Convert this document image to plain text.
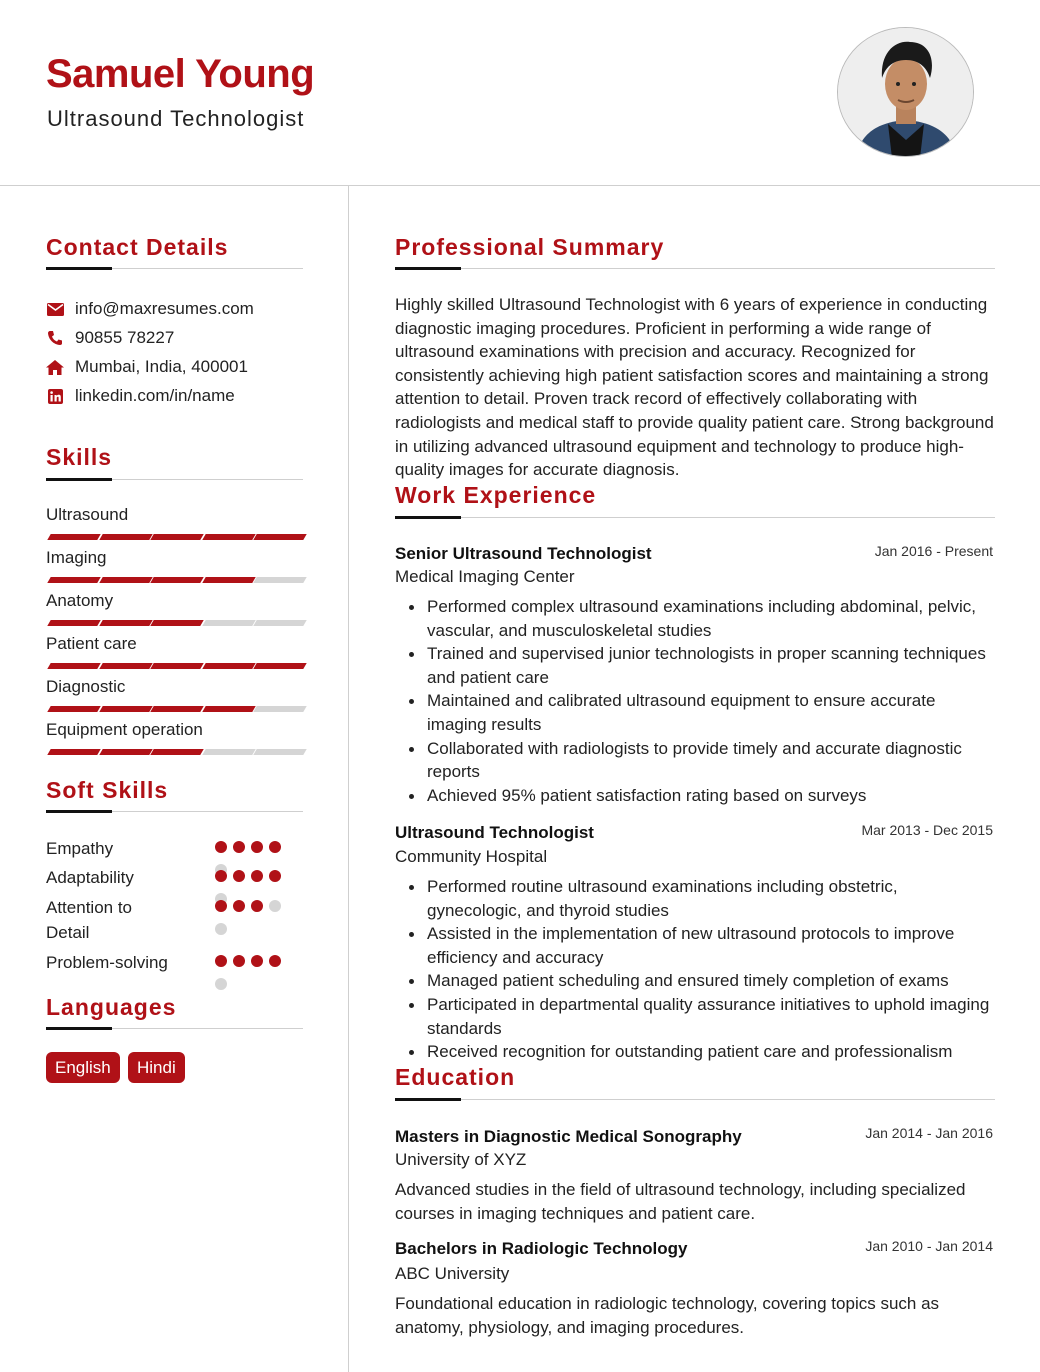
Samuel Young
Ultrasound Technologist
Contact Details
info@maxresumes.com
90855 78227
Mumbai, India, 400001
linkedin.com/in/name
Skills
Ultrasound
Imaging
Anatomy
Patient care
Diagnostic
Equipment operation
Soft Skills
Empathy
Adaptability
Attention to Detail
Problem-solving
Languages
English	Hindi
Professional Summary
Highly skilled Ultrasound Technologist with 6 years of experience in conducting diagnostic imaging procedures. Proficient in performing a wide range of ultrasound examinations with precision and accuracy. Recognized for consistently achieving high patient satisfaction scores and maintaining a strong attention to detail. Proven track record of effectively collaborating with radiologists and medical staff to provide quality patient care. Strong background in utilizing advanced ultrasound equipment and technology to produce high-quality images for accurate diagnosis.
Work Experience
Senior Ultrasound Technologist	Jan 2016 - Present
Medical Imaging Center
Performed complex ultrasound examinations including abdominal, pelvic, vascular, and musculoskeletal studies
Trained and supervised junior technologists in proper scanning techniques and patient care
Maintained and calibrated ultrasound equipment to ensure accurate imaging results
Collaborated with radiologists to provide timely and accurate diagnostic reports
Achieved 95% patient satisfaction rating based on surveys
Ultrasound Technologist	Mar 2013 - Dec 2015
Community Hospital
Performed routine ultrasound examinations including obstetric, gynecologic, and thyroid studies
Assisted in the implementation of new ultrasound protocols to improve efficiency and accuracy
Managed patient scheduling and ensured timely completion of exams
Participated in departmental quality assurance initiatives to uphold imaging standards
Received recognition for outstanding patient care and professionalism
Education
Masters in Diagnostic Medical Sonography	Jan 2014 - Jan 2016
University of XYZ
Advanced studies in the field of ultrasound technology, including specialized courses in imaging techniques and patient care.
Bachelors in Radiologic Technology	Jan 2010 - Jan 2014
ABC University
Foundational education in radiologic technology, covering topics such as anatomy, physiology, and imaging procedures.
